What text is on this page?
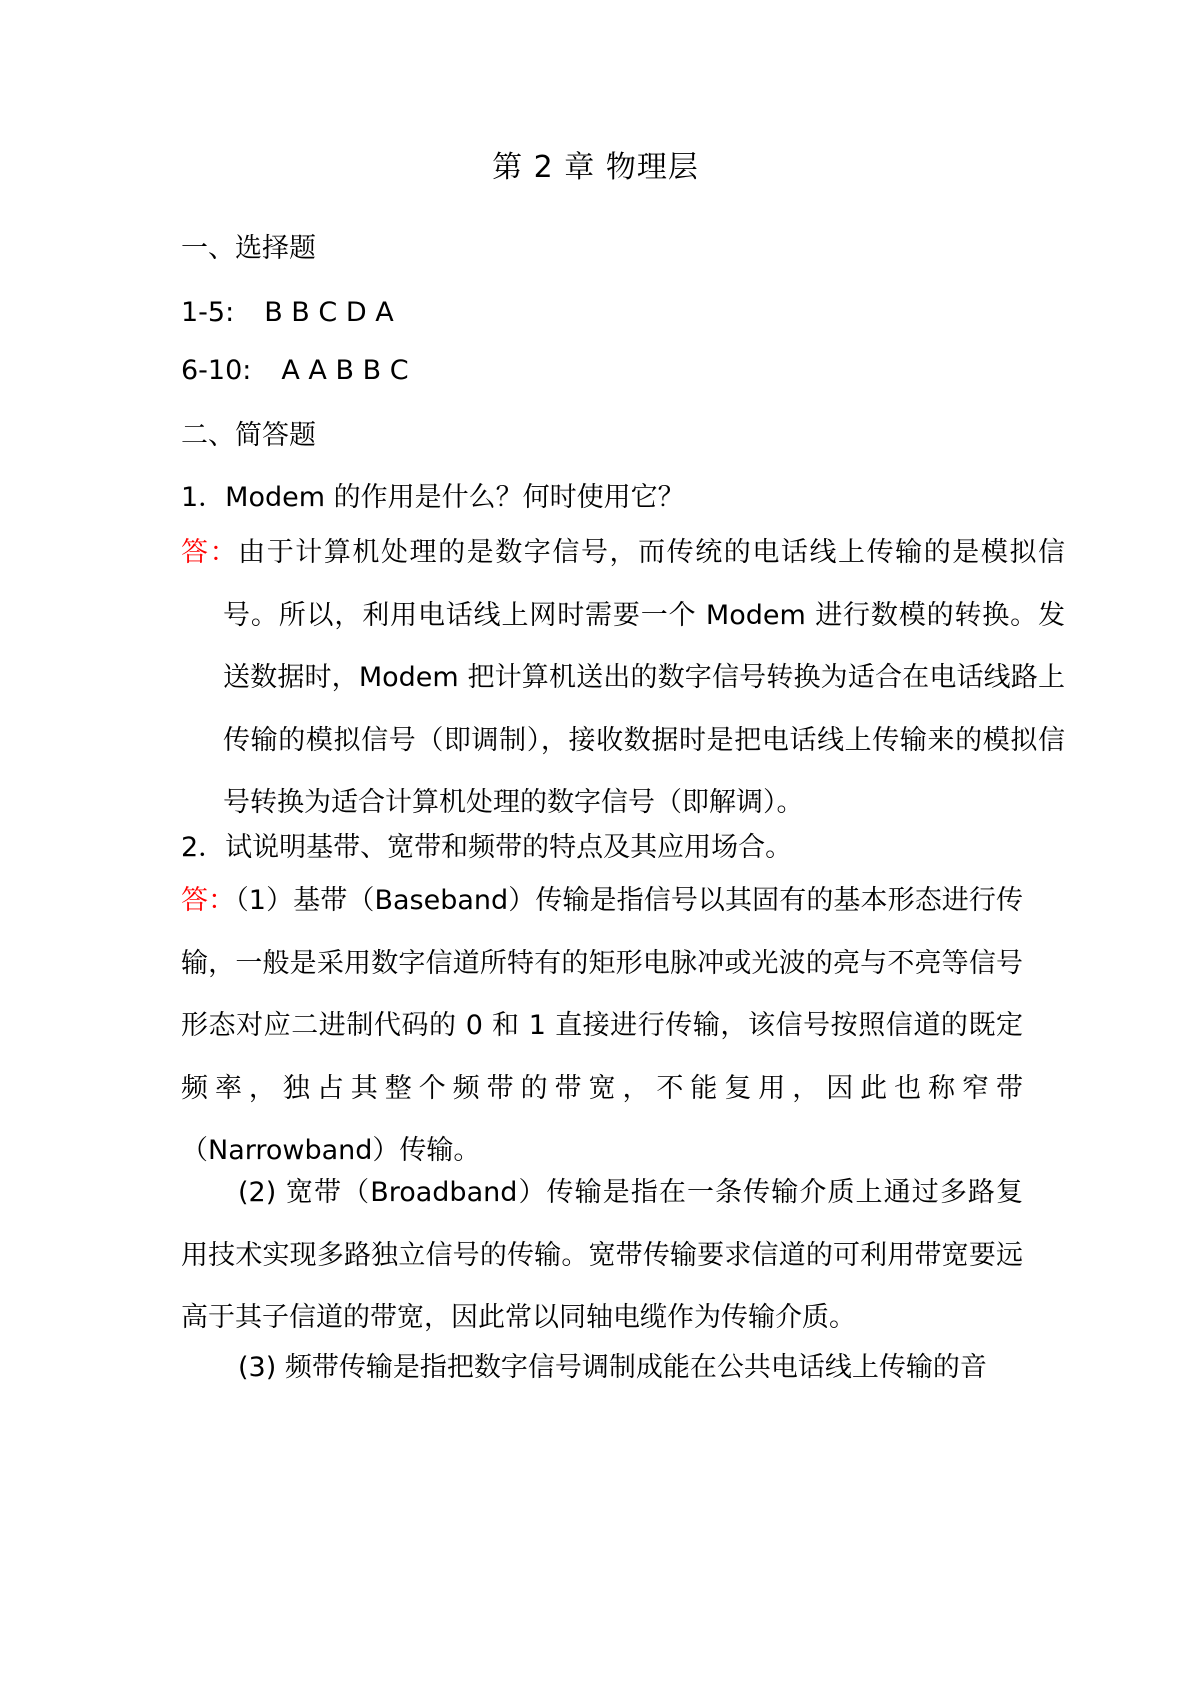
第 2 章 物理层
一、选择题
1-5: B B C D A
6-10: A A B B C
二、简答题
1．Modem 的作用是什么？何时使用它？
答：由于计算机处理的是数字信号，而传统的电话线上传输的是模拟信号。所以，利用电话线上网时需要一个 Modem 进行数模的转换。发送数据时，Modem 把计算机送出的数字信号转换为适合在电话线路上传输的模拟信号（即调制），接收数据时是把电话线上传输来的模拟信号转换为适合计算机处理的数字信号（即解调）。
2．试说明基带、宽带和频带的特点及其应用场合。
答：（1）基带（Baseband）传输是指信号以其固有的基本形态进行传输，一般是采用数字信道所特有的矩形电脉冲或光波的亮与不亮等信号形态对应二进制代码的 0 和 1 直接进行传输，该信号按照信道的既定频率，独占其整个频带的带宽，不能复用，因此也称窄带（Narrowband）传输。
(2) 宽带（Broadband）传输是指在一条传输介质上通过多路复用技术实现多路独立信号的传输。宽带传输要求信道的可利用带宽要远高于其子信道的带宽，因此常以同轴电缆作为传输介质。
(3) 频带传输是指把数字信号调制成能在公共电话线上传输的音
